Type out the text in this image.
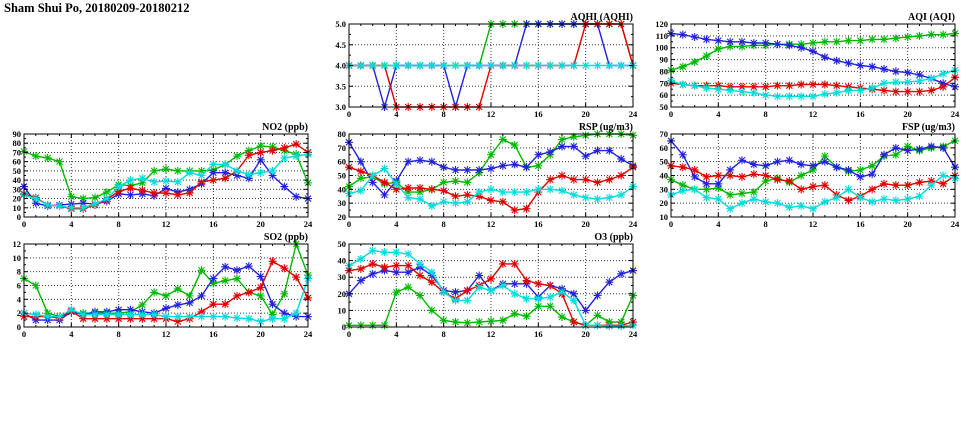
Sham Shui Po, 20180209-20180212
0	4	8	12	16	20	24
3.0
3.5
4.0
4.5
5.0
AQHI (AQHI)
0	4	8	12	16	20	24
50
60
70
80
90
100
110
120
AQI (AQI)
0	4	8	12	16	20	24
0
10
20
30
40
50
60
70
80
90
NO2 (ppb)
0	4	8	12	16	20	24
20
30
40
50
60
70
80
RSP (ug/m3)
0	4	8	12	16	20	24
10
20
30
40
50
60
70
FSP (ug/m3)
0	4	8	12	16	20	24
0
2
4
6
8
10
12
SO2 (ppb)
0	4	8	12	16	20	24
0
10
20
30
40
50
O3 (ppb)
